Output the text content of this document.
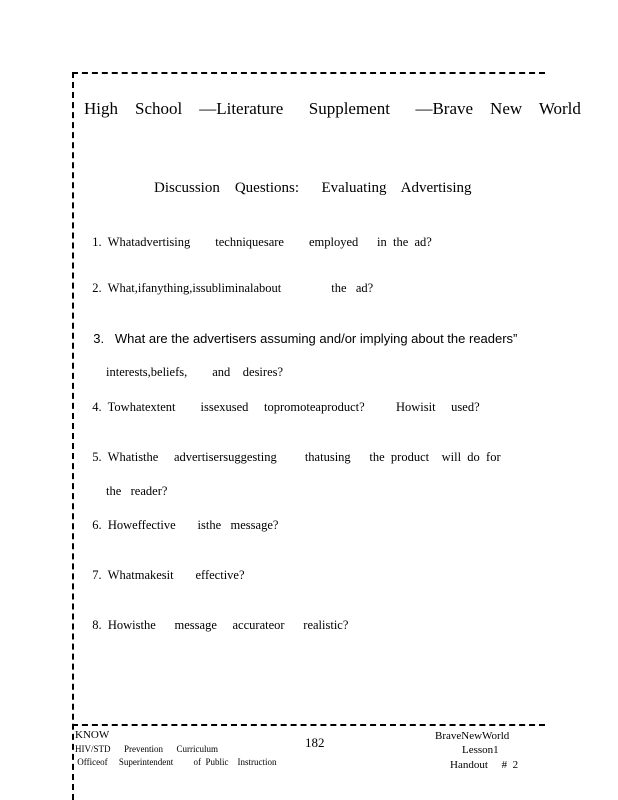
High    School    —Literature      Supplement      —Brave    New    World
Discussion    Questions:      Evaluating    Advertising

1.  Whatadvertising        techniquesare        employed      in  the  ad?

2.  What,ifanything,issubliminalabout                the   ad?

3.   What are the advertisers assuming and/or implying about the readers”

interests,beliefs,        and    desires?

4.  Towhatextent        issexused     topromoteaproduct?          Howisit     used?

5.  Whatisthe     advertisersuggesting         thatusing      the  product    will  do  for

the   reader?

6.  Howeffective       isthe   message?

7.  Whatmakesit       effective?

8.  Howisthe      message     accurateor      realistic?

KNOW
HIV/STD      Prevention      Curriculum
Officeof     Superintendent         of  Public    Instruction
182	BraveNewWorld
Lesson1
Handout     #  2
